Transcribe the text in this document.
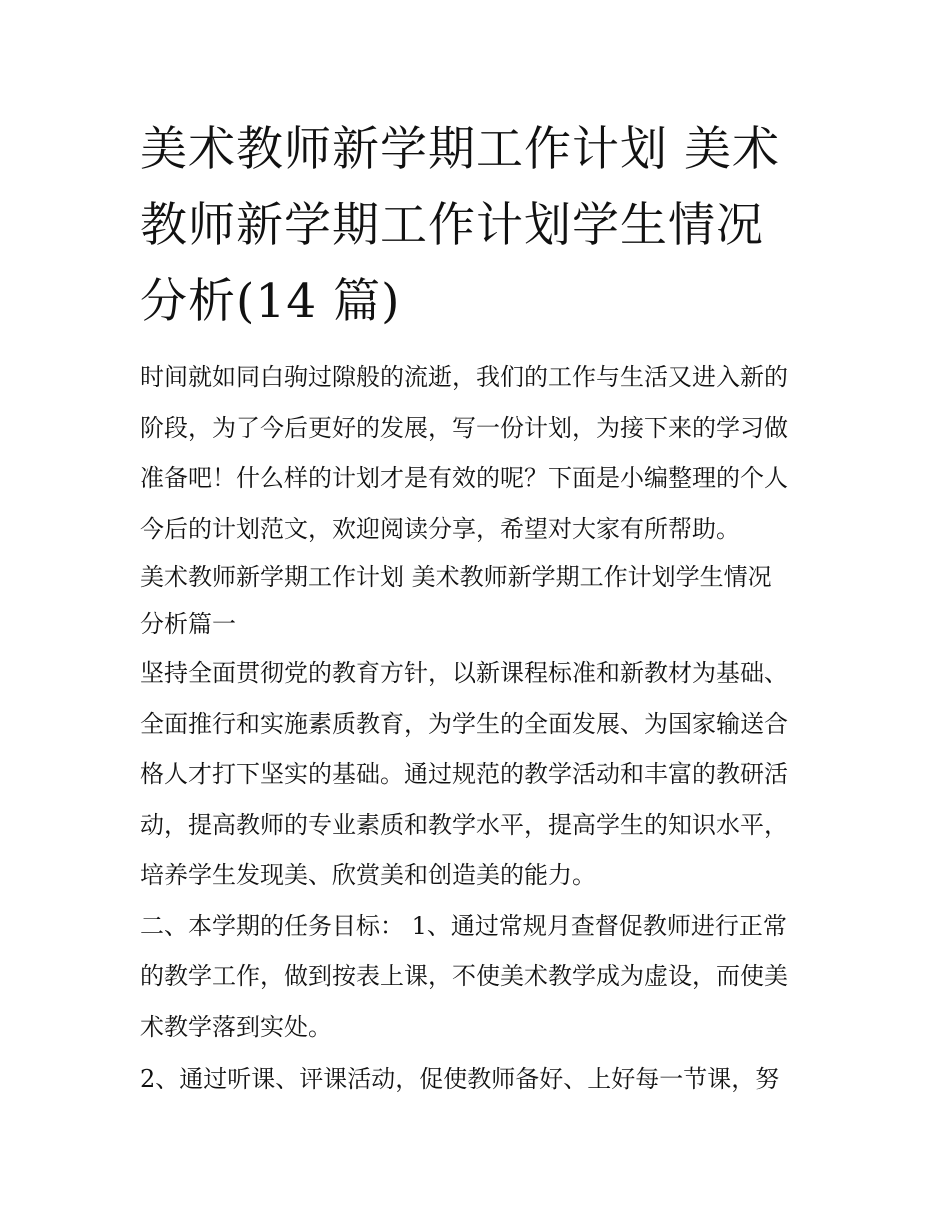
美术教师新学期工作计划 美术
教师新学期工作计划学生情况
分析(14 篇)

时间就如同白驹过隙般的流逝，我们的工作与生活又进入新的
阶段，为了今后更好的发展，写一份计划，为接下来的学习做
准备吧！什么样的计划才是有效的呢？下面是小编整理的个人
今后的计划范文，欢迎阅读分享，希望对大家有所帮助。

美术教师新学期工作计划 美术教师新学期工作计划学生情况
分析篇一

坚持全面贯彻党的教育方针，以新课程标准和新教材为基础、
全面推行和实施素质教育，为学生的全面发展、为国家输送合
格人才打下坚实的基础。通过规范的教学活动和丰富的教研活
动，提高教师的专业素质和教学水平，提高学生的知识水平，
培养学生发现美、欣赏美和创造美的能力。

二、本学期的任务目标： 1、通过常规月查督促教师进行正常
的教学工作，做到按表上课，不使美术教学成为虚设，而使美
术教学落到实处。

2、通过听课、评课活动，促使教师备好、上好每一节课，努
